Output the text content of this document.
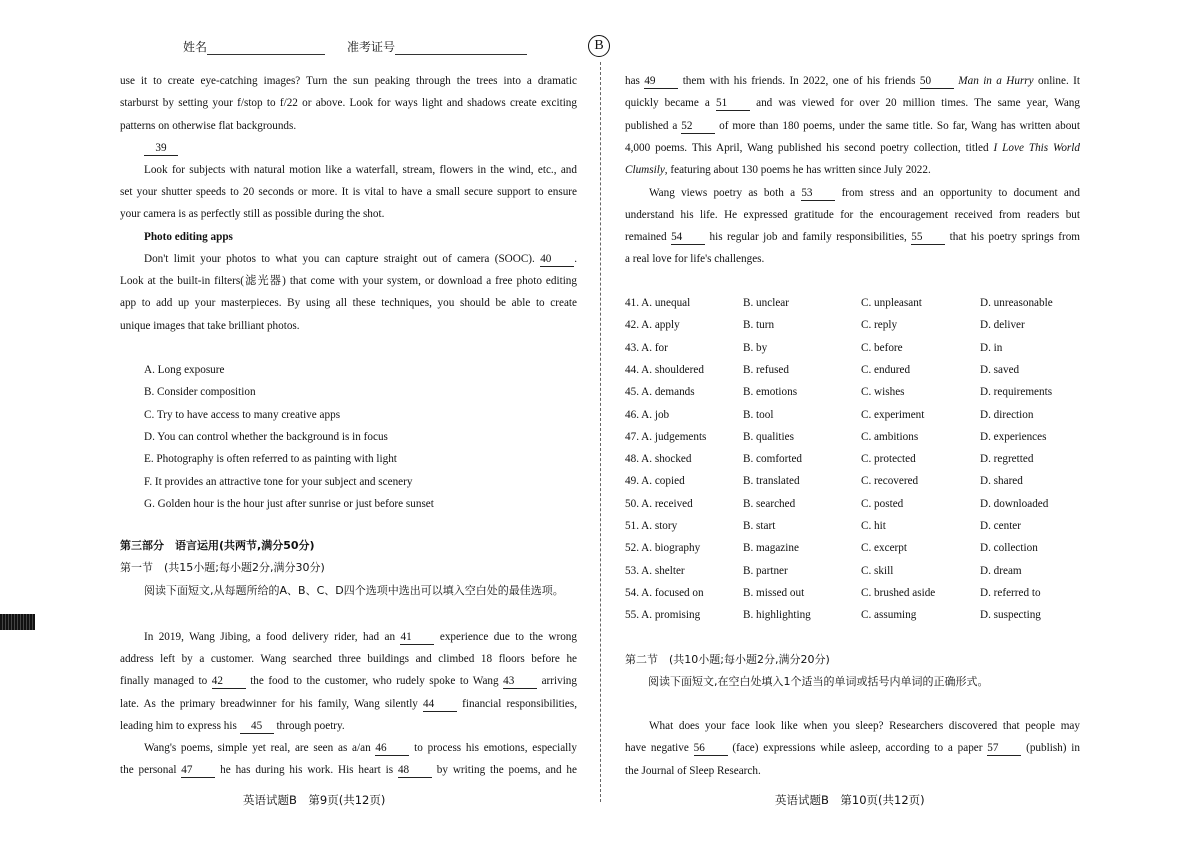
姓名	准考证号	B
use it to create eye-catching images? Turn the sun peaking through the trees into a dramatic
starburst by setting your f/stop to f/22 or above. Look for ways light and shadows create exciting
patterns on otherwise flat backgrounds.
39
Look for subjects with natural motion like a waterfall, stream, flowers in the wind, etc., and
set your shutter speeds to 20 seconds or more. It is vital to have a small secure support to ensure
your camera is as perfectly still as possible during the shot.
Photo editing apps
Don't limit your photos to what you can capture straight out of camera (SOOC). 40 .
Look at the built-in filters(滤光器) that come with your system, or download a free photo editing
app to add up your masterpieces. By using all these techniques, you should be able to create
unique images that take brilliant photos.
A. Long exposure
B. Consider composition
C. Try to have access to many creative apps
D. You can control whether the background is in focus
E. Photography is often referred to as painting with light
F. It provides an attractive tone for your subject and scenery
G. Golden hour is the hour just after sunrise or just before sunset
In 2019, Wang Jibing, a food delivery rider, had an 41 experience due to the wrong
address left by a customer. Wang searched three buildings and climbed 18 floors before he
finally managed to 42 the food to the customer, who rudely spoke to Wang 43 arriving
late. As the primary breadwinner for his family, Wang silently 44 financial responsibilities,
leading him to express his 45 through poetry.
Wang's poems, simple yet real, are seen as a/an 46 to process his emotions, especially
the personal 47 he has during his work. His heart is 48 by writing the poems, and he
has 49 them with his friends. In 2022, one of his friends 50 Man in a Hurry online. It
quickly became a 51 and was viewed for over 20 million times. The same year, Wang
published a 52 of more than 180 poems, under the same title. So far, Wang has written about
4,000 poems. This April, Wang published his second poetry collection, titled I Love This World
Clumsily, featuring about 130 poems he has written since July 2022.
Wang views poetry as both a 53 from stress and an opportunity to document and
understand his life. He expressed gratitude for the encouragement received from readers but
remained 54 his regular job and family responsibilities, 55 that his poetry springs from
a real love for life's challenges.
41. A. unequal	B. unclear	C. unpleasant	D. unreasonable
42. A. apply	B. turn	C. reply	D. deliver
43. A. for	B. by	C. before	D. in
44. A. shouldered	B. refused	C. endured	D. saved
45. A. demands	B. emotions	C. wishes	D. requirements
46. A. job	B. tool	C. experiment	D. direction
47. A. judgements	B. qualities	C. ambitions	D. experiences
48. A. shocked	B. comforted	C. protected	D. regretted
49. A. copied	B. translated	C. recovered	D. shared
50. A. received	B. searched	C. posted	D. downloaded
51. A. story	B. start	C. hit	D. center
52. A. biography	B. magazine	C. excerpt	D. collection
53. A. shelter	B. partner	C. skill	D. dream
54. A. focused on	B. missed out	C. brushed aside	D. referred to
55. A. promising	B. highlighting	C. assuming	D. suspecting
What does your face look like when you sleep? Researchers discovered that people may
have negative 56 (face) expressions while asleep, according to a paper 57 (publish) in
the Journal of Sleep Research.
第三部分　语言运用(共两节,满分50分)
第一节　(共15小题;每小题2分,满分30分)
阅读下面短文,从每题所给的A、B、C、D四个选项中选出可以填入空白处的最佳选项。
英语试题B　第9页(共12页)
第二节　(共10小题;每小题2分,满分20分)
阅读下面短文,在空白处填入1个适当的单词或括号内单词的正确形式。
英语试题B　第10页(共12页)
